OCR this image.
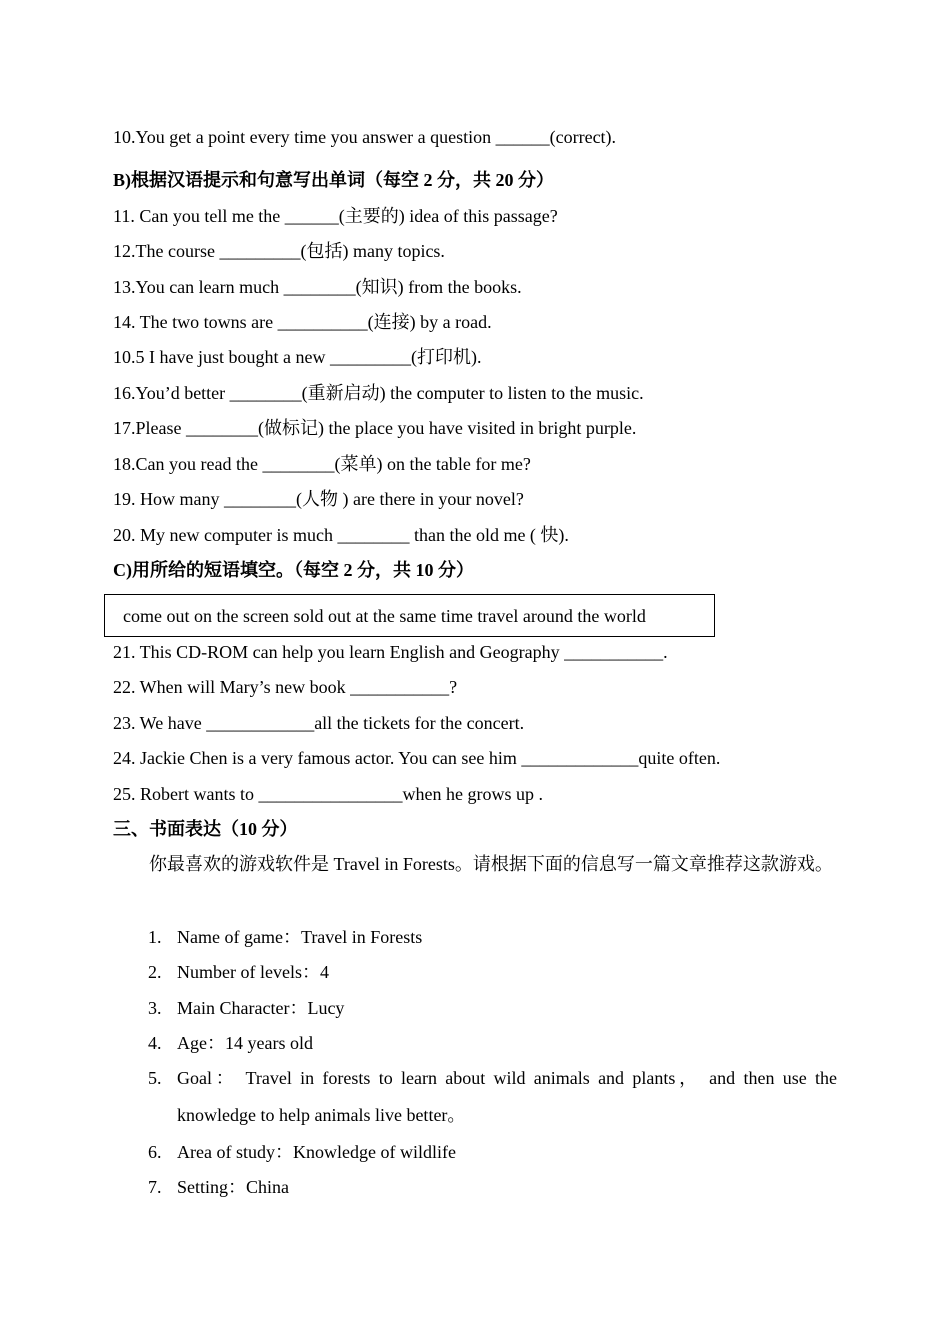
10.You get a point every time you answer a question ______(correct).
B)根据汉语提示和句意写出单词（每空 2 分，共 20 分）
11. Can you tell me the ______(主要的) idea of this passage?
12.The course _________(包括) many topics.
13.You can learn much ________(知识) from the books.
14. The two towns are __________(连接) by a road.
10.5 I have just bought a new _________(打印机).
16.You’d better ________(重新启动) the computer to listen to the music.
17.Please ________(做标记) the place you have visited in bright purple.
18.Can you read the ________(菜单) on the table for me?
19. How many ________(人物 ) are there in your novel?
20. My new computer is much ________ than the old me ( 快).
C)用所给的短语填空。（每空 2 分，共 10 分）
come out on the screen sold out at the same time travel around the world
21. This CD-ROM can help you learn English and Geography ___________.
22. When will Mary’s new book ___________?
23. We have ____________all the tickets for the concert.
24. Jackie Chen is a very famous actor. You can see him _____________quite often.
25. Robert wants to ________________when he grows up .
三、书面表达（10 分）
你最喜欢的游戏软件是 Travel in Forests。请根据下面的信息写一篇文章推荐这款游戏。
1. Name of game：Travel in Forests
2. Number of levels：4
3. Main Character：Lucy
4. Age：14 years old
5. Goal： Travel in forests to learn about wild animals and plants， and then use the knowledge to help animals live better。
6. Area of study：Knowledge of wildlife
7. Setting：China
